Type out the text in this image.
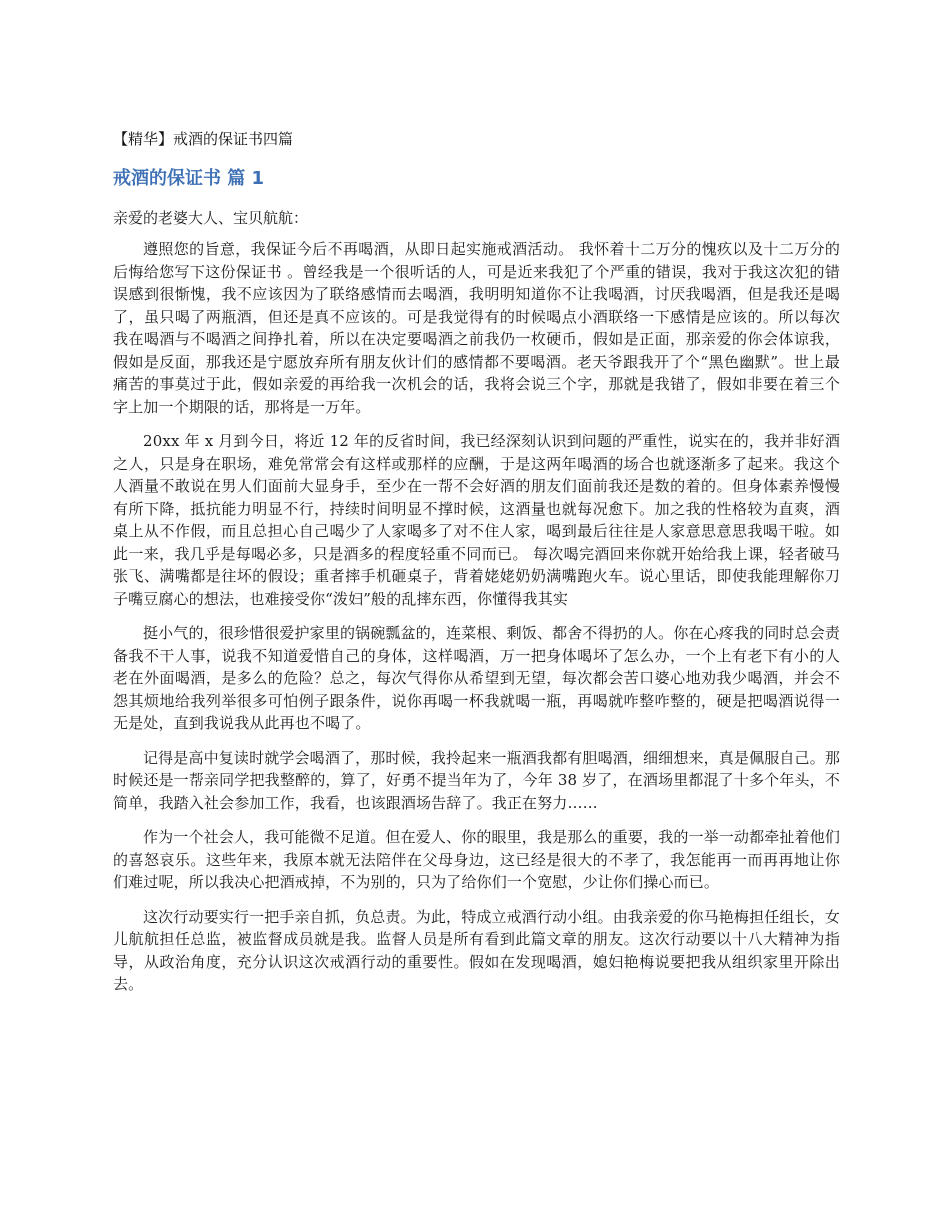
【精华】戒酒的保证书四篇

戒酒的保证书 篇 1

亲爱的老婆大人、宝贝航航：

遵照您的旨意，我保证今后不再喝酒，从即日起实施戒酒活动。 我怀着十二万分的愧疚以及十二万分的后悔给您写下这份保证书 。曾经我是一个很听话的人，可是近来我犯了个严重的错误，我对于我这次犯的错误感到很惭愧，我不应该因为了联络感情而去喝酒，我明明知道你不让我喝酒，讨厌我喝酒，但是我还是喝了，虽只喝了两瓶酒，但还是真不应该的。可是我觉得有的时候喝点小酒联络一下感情是应该的。所以每次我在喝酒与不喝酒之间挣扎着，所以在决定要喝酒之前我仍一枚硬币，假如是正面，那亲爱的你会体谅我，假如是反面，那我还是宁愿放弃所有朋友伙计们的感情都不要喝酒。老天爷跟我开了个“黑色幽默”。世上最痛苦的事莫过于此，假如亲爱的再给我一次机会的话，我将会说三个字，那就是我错了，假如非要在着三个字上加一个期限的话，那将是一万年。

20xx 年 x 月到今日，将近 12 年的反省时间，我已经深刻认识到问题的严重性，说实在的，我并非好酒之人，只是身在职场，难免常常会有这样或那样的应酬，于是这两年喝酒的场合也就逐渐多了起来。我这个人酒量不敢说在男人们面前大显身手，至少在一帮不会好酒的朋友们面前我还是数的着的。但身体素养慢慢有所下降，抵抗能力明显不行，持续时间明显不撑时候，这酒量也就每况愈下。加之我的性格较为直爽，酒桌上从不作假，而且总担心自己喝少了人家喝多了对不住人家，喝到最后往往是人家意思意思我喝干啦。如此一来，我几乎是每喝必多，只是酒多的程度轻重不同而已。 每次喝完酒回来你就开始给我上课，轻者破马张飞、满嘴都是往坏的假设；重者摔手机砸桌子，背着姥姥奶奶满嘴跑火车。说心里话，即使我能理解你刀子嘴豆腐心的想法，也难接受你“泼妇”般的乱摔东西，你懂得我其实

挺小气的，很珍惜很爱护家里的锅碗瓢盆的，连菜根、剩饭、都舍不得扔的人。你在心疼我的同时总会责备我不干人事，说我不知道爱惜自己的身体，这样喝酒，万一把身体喝坏了怎么办，一个上有老下有小的人老在外面喝酒，是多么的危险？总之，每次气得你从希望到无望，每次都会苦口婆心地劝我少喝酒，并会不怨其烦地给我列举很多可怕例子跟条件，说你再喝一杯我就喝一瓶，再喝就咋整咋整的，硬是把喝酒说得一无是处，直到我说我从此再也不喝了。

记得是高中复读时就学会喝酒了，那时候，我拎起来一瓶酒我都有胆喝酒，细细想来，真是佩服自己。那时候还是一帮亲同学把我整醉的，算了，好勇不提当年为了，今年 38 岁了，在酒场里都混了十多个年头，不简单，我踏入社会参加工作，我看，也该跟酒场告辞了。我正在努力……

作为一个社会人，我可能微不足道。但在爱人、你的眼里，我是那么的重要，我的一举一动都牵扯着他们的喜怒哀乐。这些年来，我原本就无法陪伴在父母身边，这已经是很大的不孝了，我怎能再一而再再地让你们难过呢，所以我决心把酒戒掉，不为别的，只为了给你们一个宽慰，少让你们操心而已。

这次行动要实行一把手亲自抓，负总责。为此，特成立戒酒行动小组。由我亲爱的你马艳梅担任组长，女儿航航担任总监，被监督成员就是我。监督人员是所有看到此篇文章的朋友。这次行动要以十八大精神为指导，从政治角度，充分认识这次戒酒行动的重要性。假如在发现喝酒，媳妇艳梅说要把我从组织家里开除出去。
